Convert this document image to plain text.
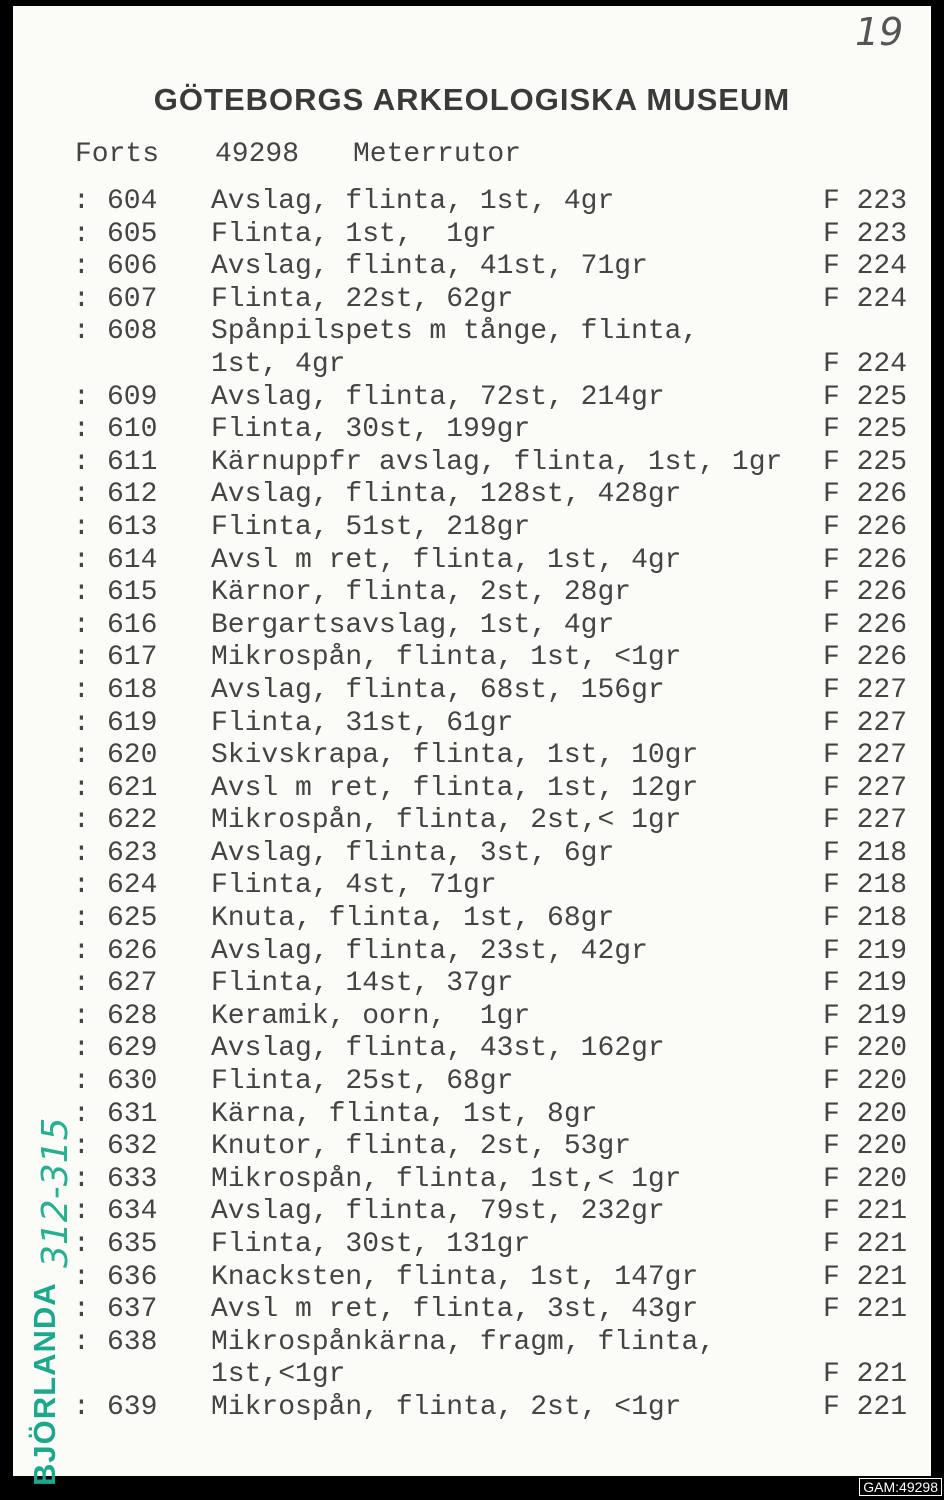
19
GÖTEBORGS ARKEOLOGISKA MUSEUM

Forts

49298

Meterrutor

: 604 Avslag, flinta, 1st, 4gr	F 223
: 605 Flinta, 1st,  1gr	F 223
: 606 Avslag, flinta, 41st, 71gr	F 224
: 607 Flinta, 22st, 62gr	F 224
: 608 Spånpilspets m tånge, flinta,
1st, 4gr	F 224
: 609 Avslag, flinta, 72st, 214gr	F 225
: 610 Flinta, 30st, 199gr	F 225
: 611 Kärnuppfr avslag, flinta, 1st, 1gr F 225
: 612 Avslag, flinta, 128st, 428gr	F 226
: 613 Flinta, 51st, 218gr	F 226
: 614 Avsl m ret, flinta, 1st, 4gr	F 226
: 615 Kärnor, flinta, 2st, 28gr	F 226
: 616 Bergartsavslag, 1st, 4gr	F 226
: 617 Mikrospån, flinta, 1st, <1gr	F 226
: 618 Avslag, flinta, 68st, 156gr	F 227
: 619 Flinta, 31st, 61gr	F 227
: 620 Skivskrapa, flinta, 1st, 10gr	F 227
: 621 Avsl m ret, flinta, 1st, 12gr	F 227
: 622 Mikrospån, flinta, 2st,< 1gr	F 227
: 623 Avslag, flinta, 3st, 6gr	F 218
: 624 Flinta, 4st, 71gr	F 218
: 625 Knuta, flinta, 1st, 68gr	F 218
: 626 Avslag, flinta, 23st, 42gr	F 219
: 627 Flinta, 14st, 37gr	F 219
: 628 Keramik, oorn,  1gr	F 219
: 629 Avslag, flinta, 43st, 162gr	F 220
: 630 Flinta, 25st, 68gr	F 220
: 631 Kärna, flinta, 1st, 8gr	F 220
: 632 Knutor, flinta, 2st, 53gr	F 220
: 633 Mikrospån, flinta, 1st,< 1gr	F 220
: 634 Avslag, flinta, 79st, 232gr	F 221
: 635 Flinta, 30st, 131gr	F 221
: 636 Knacksten, flinta, 1st, 147gr	F 221
: 637 Avsl m ret, flinta, 3st, 43gr	F 221
: 638 Mikrospånkärna, fragm, flinta,
1st,<1gr	F 221
: 639 Mikrospån, flinta, 2st, <1gr	F 221
BJÖRLANDA
312-315
GAM:49298
